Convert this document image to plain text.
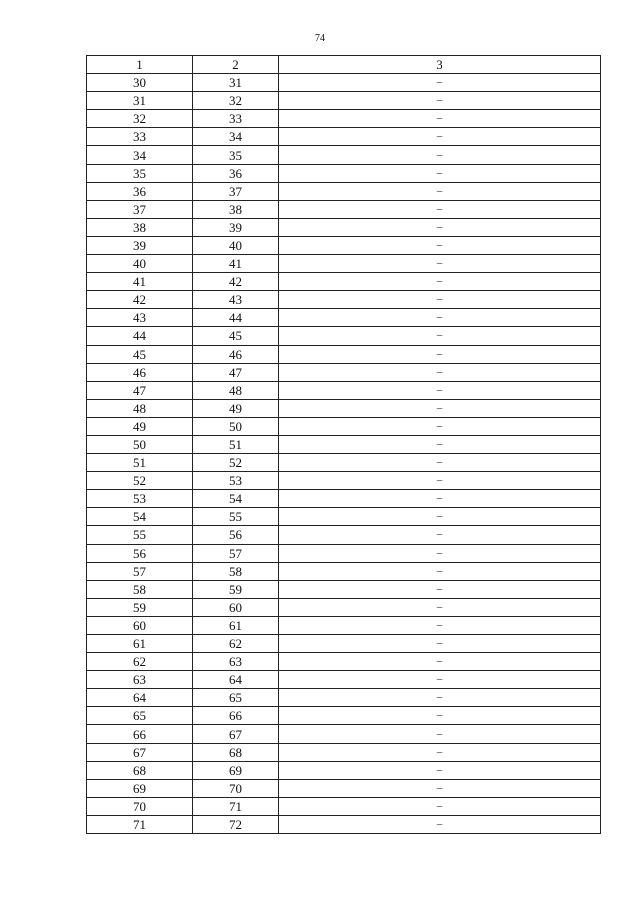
74
1	2	3
30	31	–
31	32	–
32	33	–
33	34	–
34	35	–
35	36	–
36	37	–
37	38	–
38	39	–
39	40	–
40	41	–
41	42	–
42	43	–
43	44	–
44	45	–
45	46	–
46	47	–
47	48	–
48	49	–
49	50	–
50	51	–
51	52	–
52	53	–
53	54	–
54	55	–
55	56	–
56	57	–
57	58	–
58	59	–
59	60	–
60	61	–
61	62	–
62	63	–
63	64	–
64	65	–
65	66	–
66	67	–
67	68	–
68	69	–
69	70	–
70	71	–
71	72	–
